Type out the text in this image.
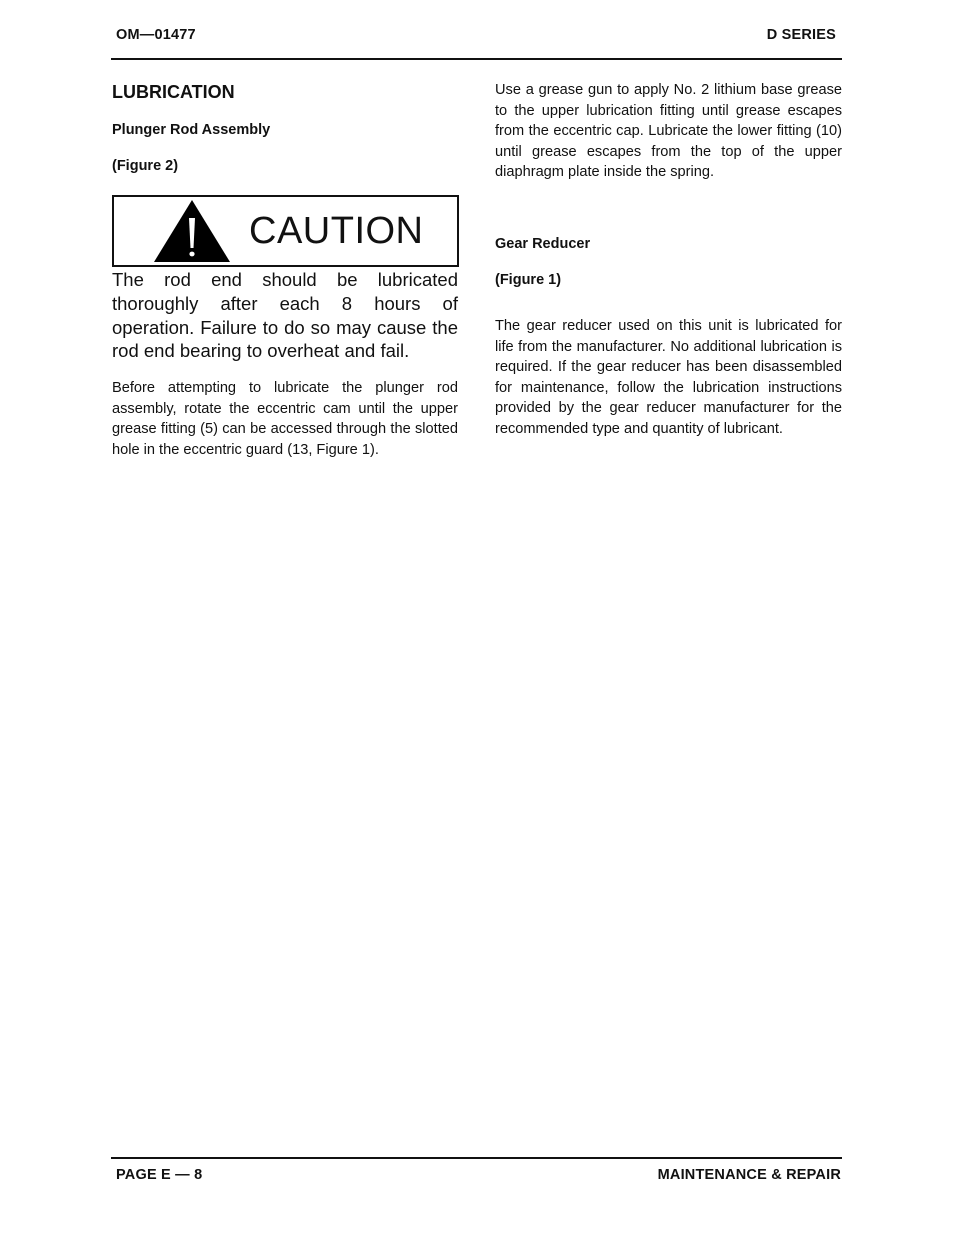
OM—01477	D SERIES
LUBRICATION
Plunger Rod Assembly
(Figure 2)
CAUTION

The rod end should be lubricated thoroughly after each 8 hours of operation. Failure to do so may cause the rod end bearing to overheat and fail.

Before attempting to lubricate the plunger rod assembly, rotate the eccentric cam until the upper grease fitting (5) can be accessed through the slotted hole in the eccentric guard (13, Figure 1).

Use a grease gun to apply No. 2 lithium base grease to the upper lubrication fitting until grease escapes from the eccentric cap. Lubricate the lower fitting (10) until grease escapes from the top of the upper diaphragm plate inside the spring.

Gear Reducer
(Figure 1)

The gear reducer used on this unit is lubricated for life from the manufacturer. No additional lubrication is required. If the gear reducer has been disassembled for maintenance, follow the lubrication instructions provided by the gear reducer manufacturer for the recommended type and quantity of lubricant.

PAGE E — 8	MAINTENANCE & REPAIR
